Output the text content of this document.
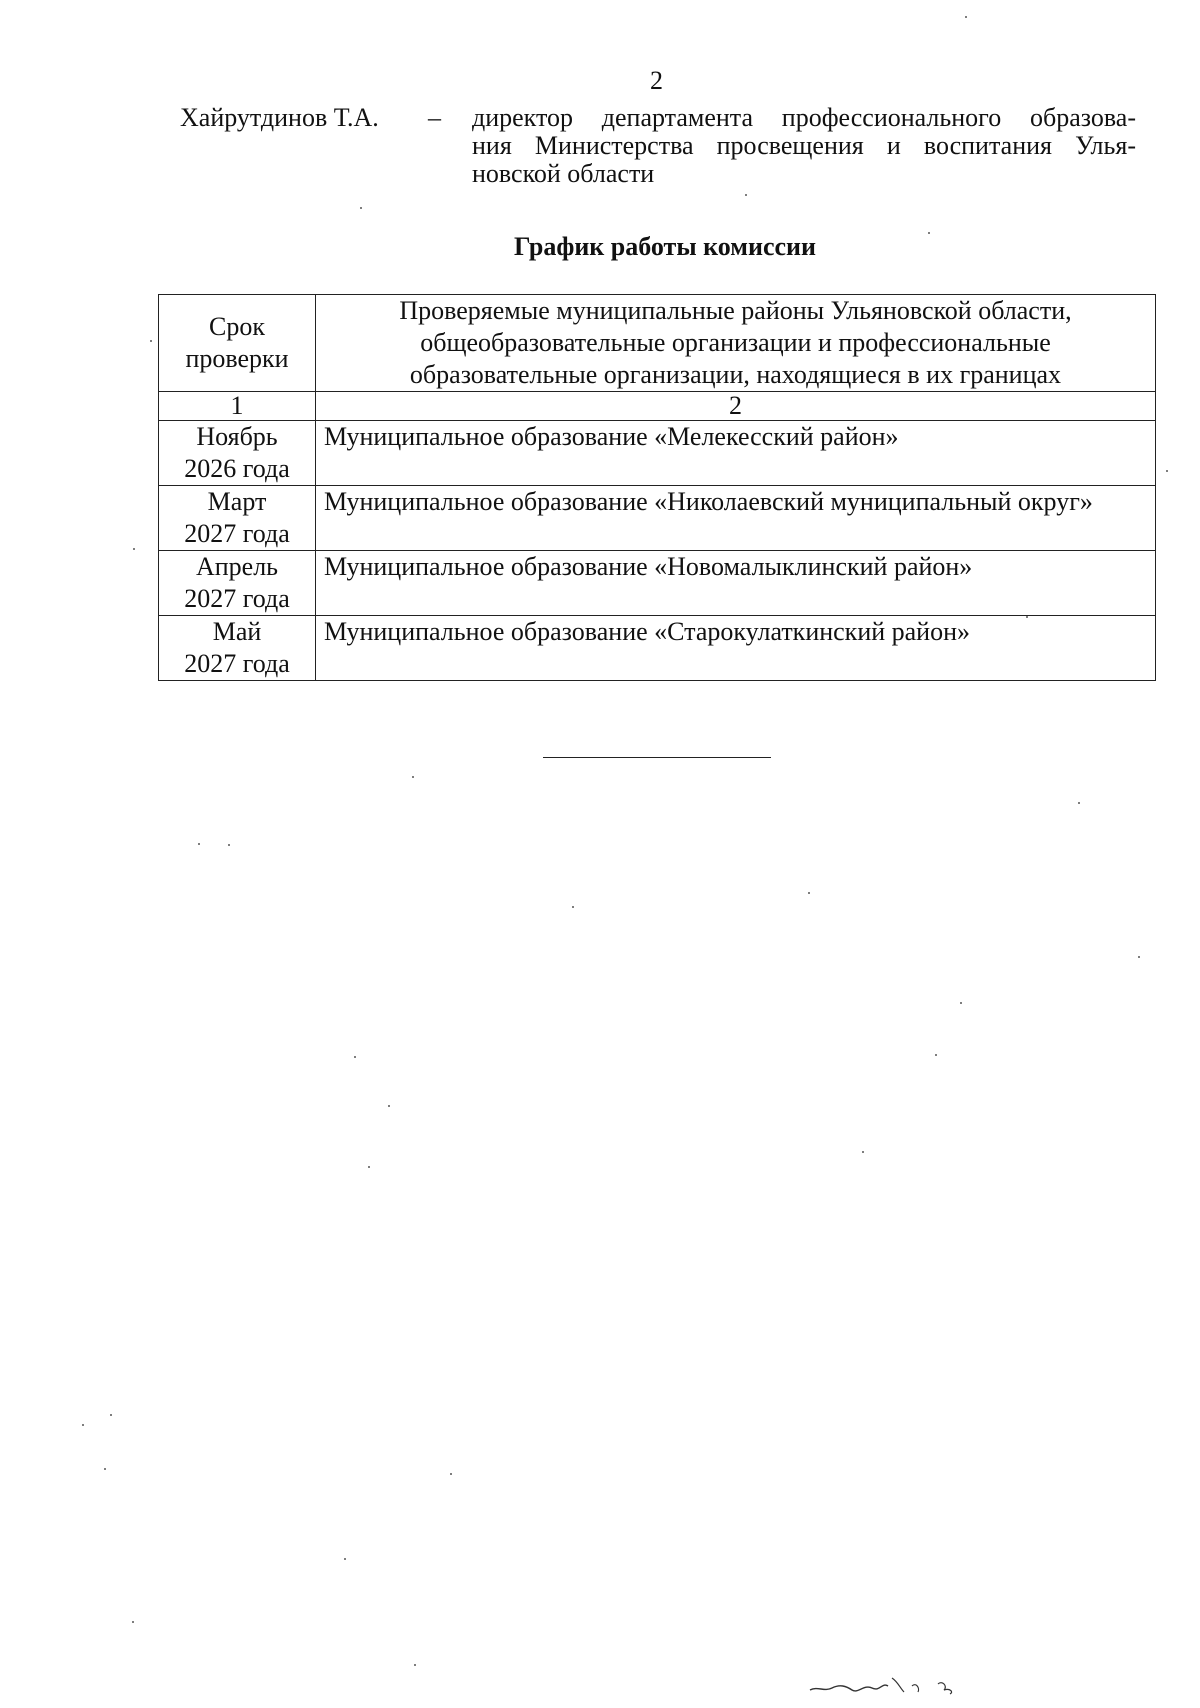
2
Хайрутдинов Т.А. – директор департамента профессионального образова-
ния Министерства просвещения и воспитания Улья-
новской области
График работы комиссии
Срок проверки	Проверяемые муниципальные районы Ульяновской области, общеобразовательные организации и профессиональные образовательные организации, находящиеся в их границах
1	2

Ноябрь
2026 года	Муниципальное образование «Мелекесский район»

Март
2027 года	Муниципальное образование «Николаевский муниципальный округ»

Апрель
2027 года	Муниципальное образование «Новомалыклинский район»

Май
2027 года	Муниципальное образование «Старокулаткинский район»
